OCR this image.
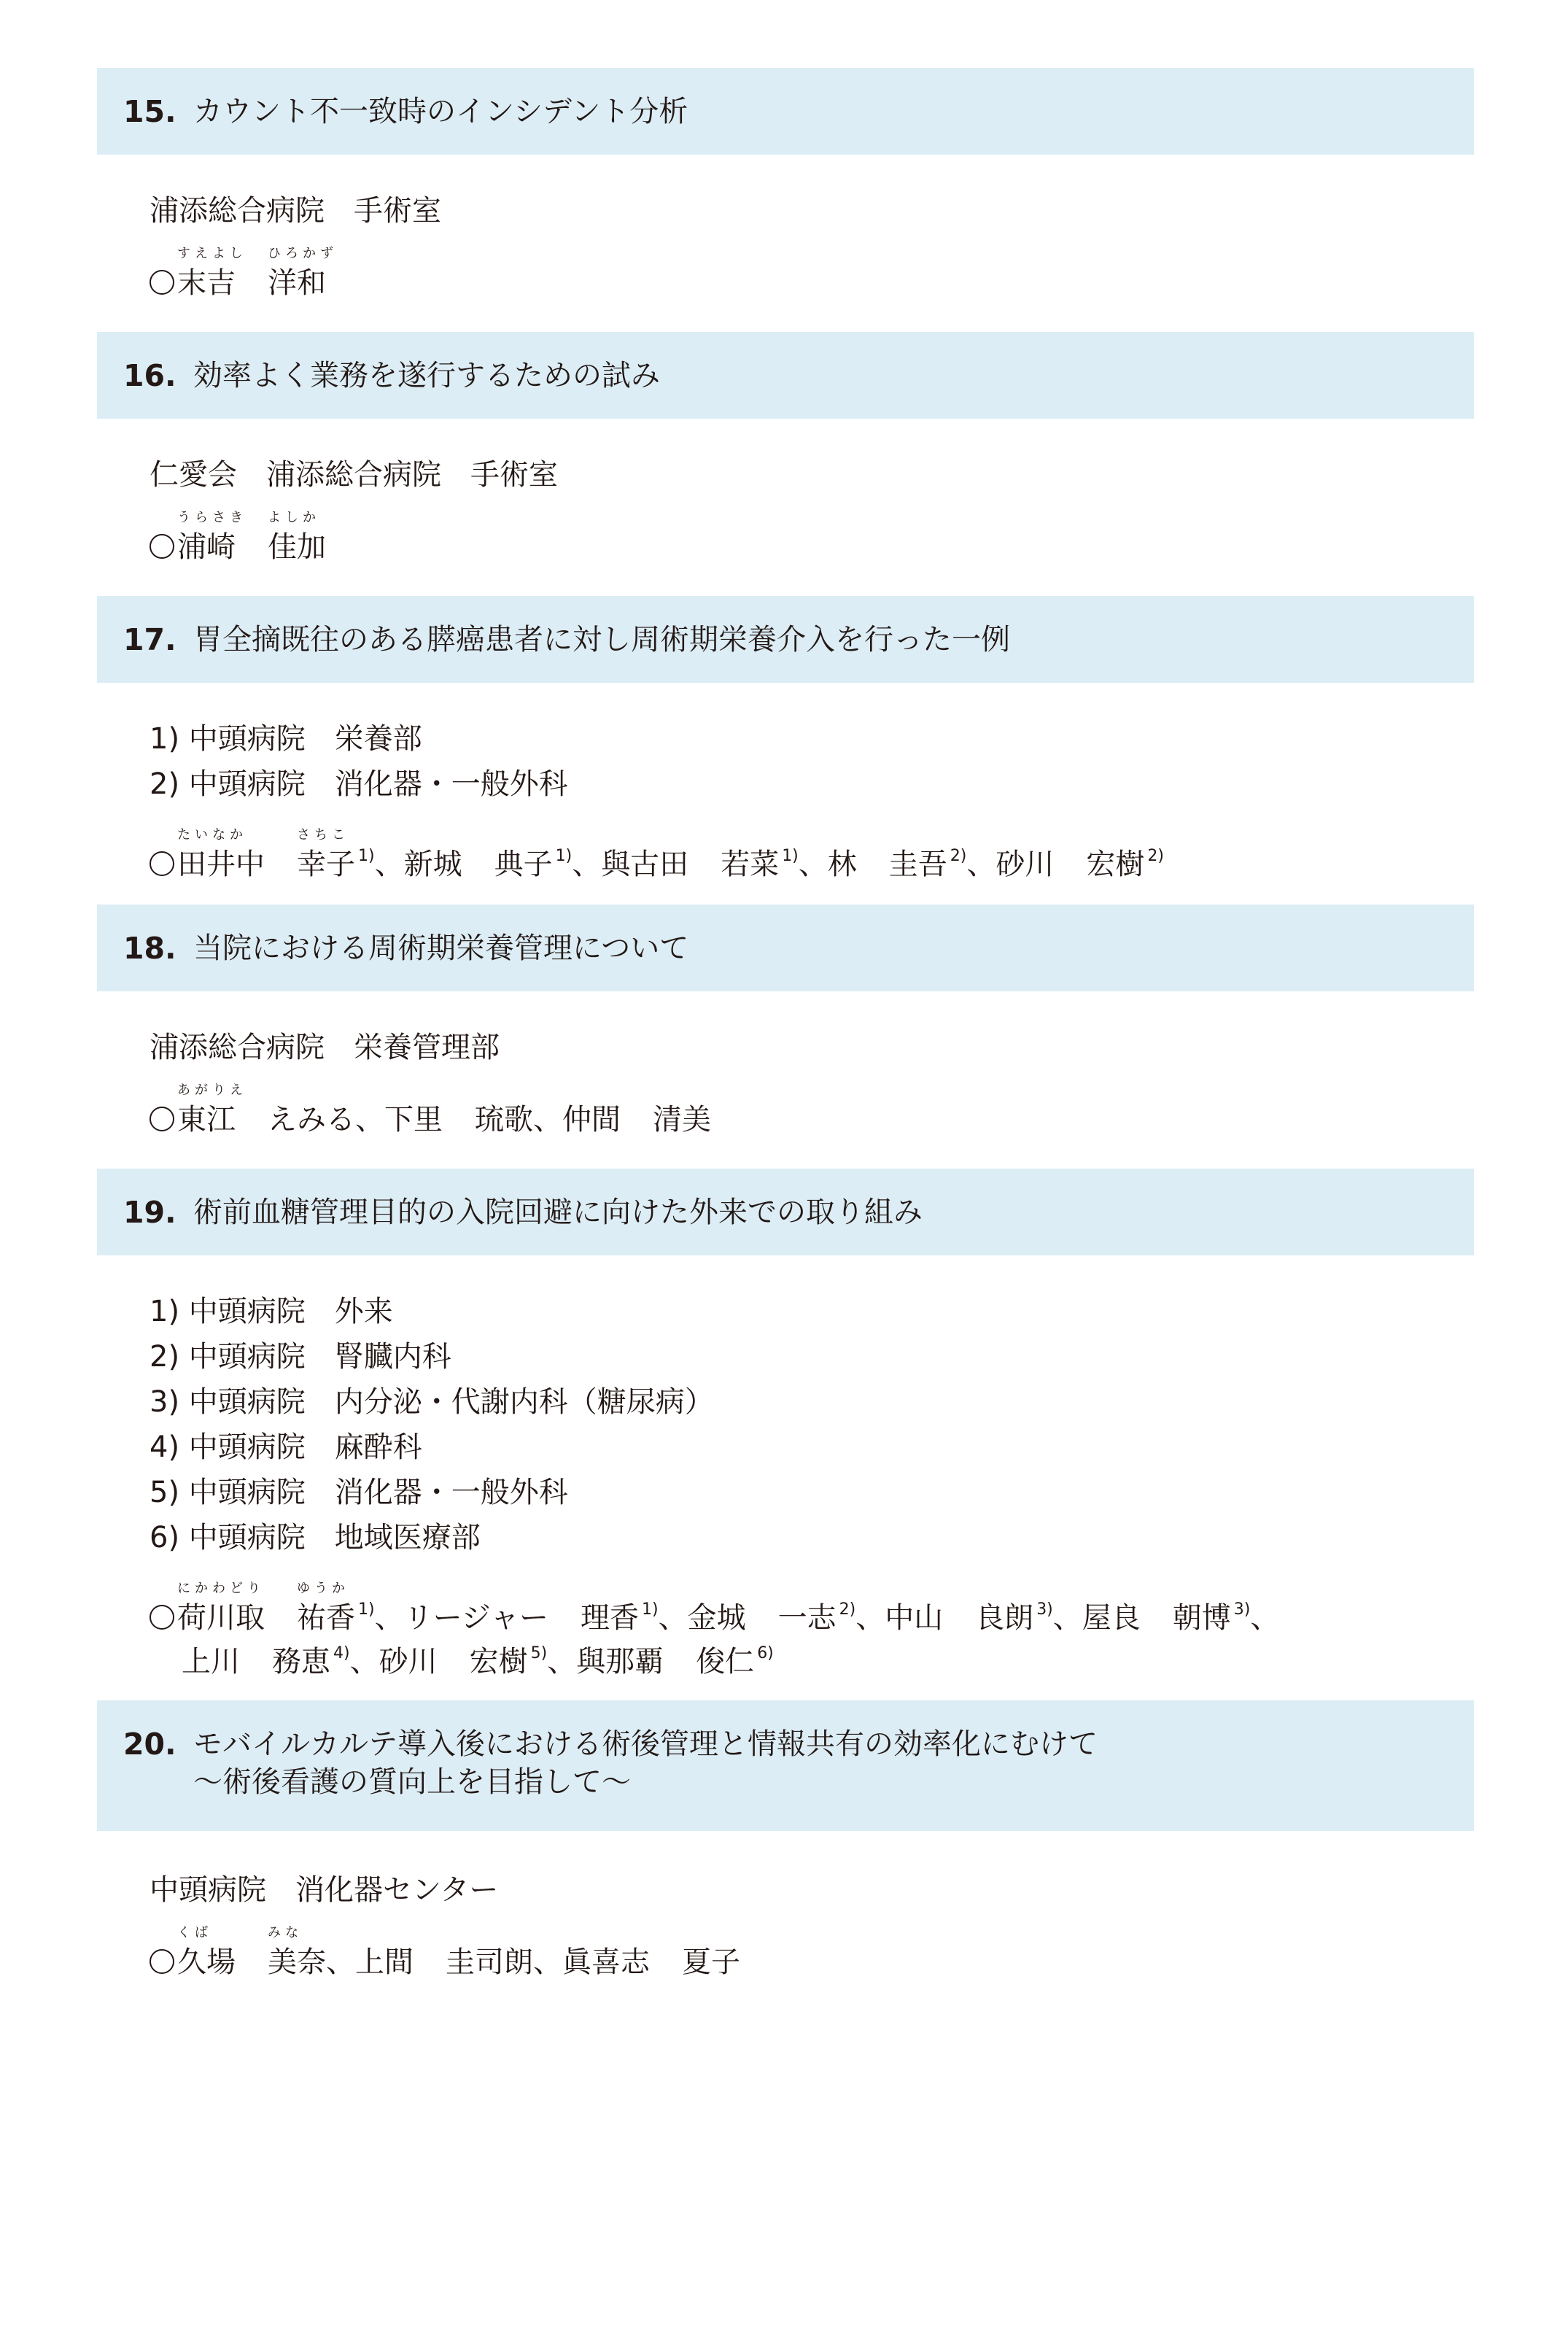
15. カウント不一致時のインシデント分析
浦添総合病院　手術室
末吉
すえよし
洋和
ひろかず
16. 効率よく業務を遂行するための試み
仁愛会　浦添総合病院　手術室
浦崎
うらさき
佳加
よしか
17. 胃全摘既往のある膵癌患者に対し周術期栄養介入を行った一例
1) 中頭病院　栄養部
2) 中頭病院　消化器・一般外科
田井中
たいなか
幸子
さちこ
$^{1)}$、新城 典子 $^{1)}$、與古田 若菜 $^{1)}$、林 圭吾 $^{2)}$、砂川 宏樹 $^{2)}$
18. 当院における周術期栄養管理について
浦添総合病院　栄養管理部
東江
あがりえ
えみる、下里 琉歌、仲間 清美
19. 術前血糖管理目的の入院回避に向けた外来での取り組み
1) 中頭病院　外来
2) 中頭病院　腎臓内科
3) 中頭病院　内分泌・代謝内科（糖尿病）
4) 中頭病院　麻酔科
5) 中頭病院　消化器・一般外科
6) 中頭病院　地域医療部
荷川取
にかわどり
祐香
ゆうか
$^{1)}$、リージャー 理香 $^{1)}$、金城 一志 $^{2)}$、中山 良朗 $^{3)}$、屋良 朝博 $^{3)}$、
上川 務恵 $^{4)}$、砂川 宏樹 $^{5)}$、與那覇 俊仁 $^{6)}$
20. モバイルカルテ導入後における術後管理と情報共有の効率化にむけて
～術後看護の質向上を目指して～
中頭病院　消化器センター
久場
くば
美奈
みな
、上間 圭司朗、眞喜志 夏子
